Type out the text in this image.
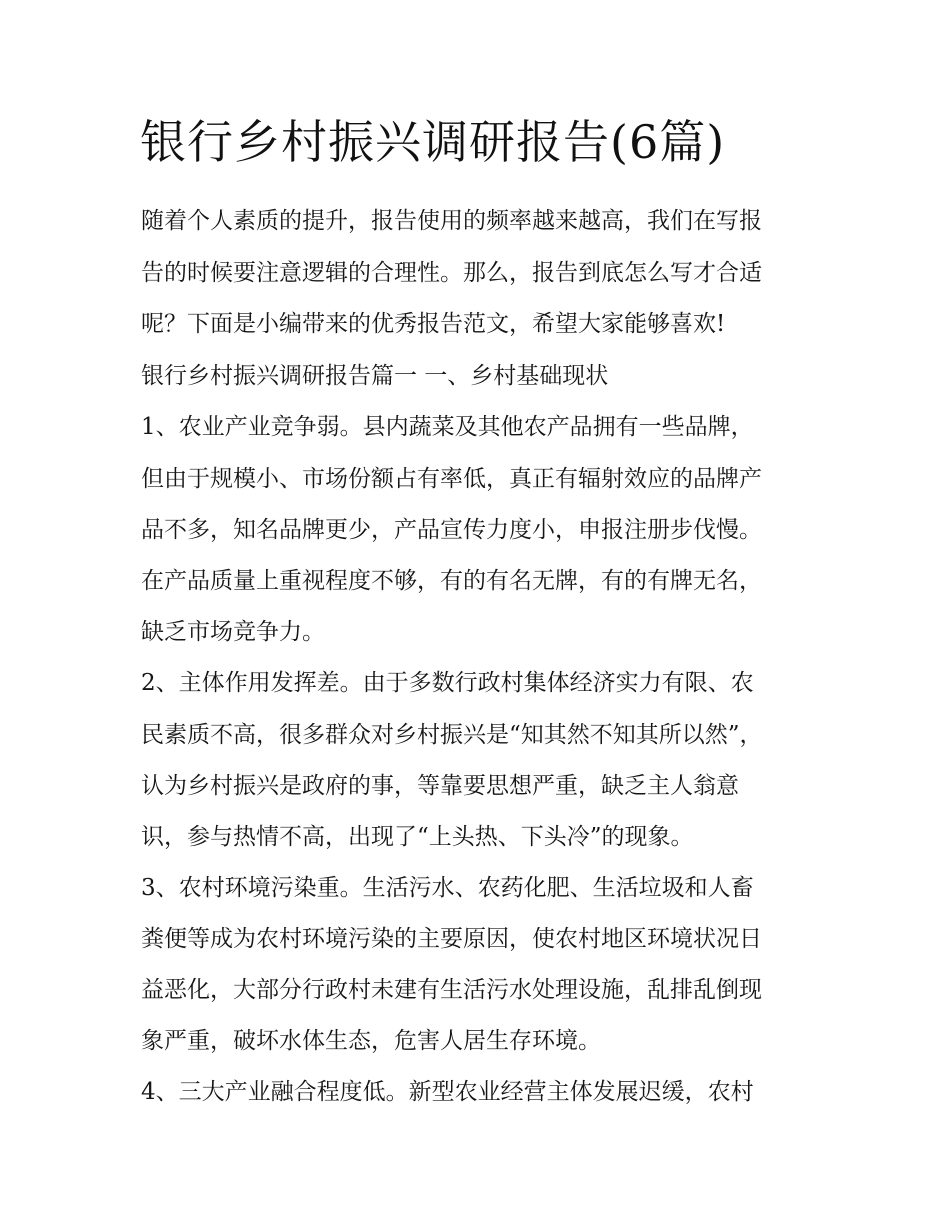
银行乡村振兴调研报告(6篇)

随着个人素质的提升，报告使用的频率越来越高，我们在写报

告的时候要注意逻辑的合理性。那么，报告到底怎么写才合适

呢？下面是小编带来的优秀报告范文，希望大家能够喜欢!

银行乡村振兴调研报告篇一 一、乡村基础现状

1、农业产业竞争弱。县内蔬菜及其他农产品拥有一些品牌，

但由于规模小、市场份额占有率低，真正有辐射效应的品牌产

品不多，知名品牌更少，产品宣传力度小，申报注册步伐慢。

在产品质量上重视程度不够，有的有名无牌，有的有牌无名，

缺乏市场竞争力。

2、主体作用发挥差。由于多数行政村集体经济实力有限、农

民素质不高，很多群众对乡村振兴是“知其然不知其所以然”，

认为乡村振兴是政府的事，等靠要思想严重，缺乏主人翁意

识，参与热情不高，出现了“上头热、下头冷”的现象。

3、农村环境污染重。生活污水、农药化肥、生活垃圾和人畜

粪便等成为农村环境污染的主要原因，使农村地区环境状况日

益恶化，大部分行政村未建有生活污水处理设施，乱排乱倒现

象严重，破坏水体生态，危害人居生存环境。

4、三大产业融合程度低。新型农业经营主体发展迟缓，农村
